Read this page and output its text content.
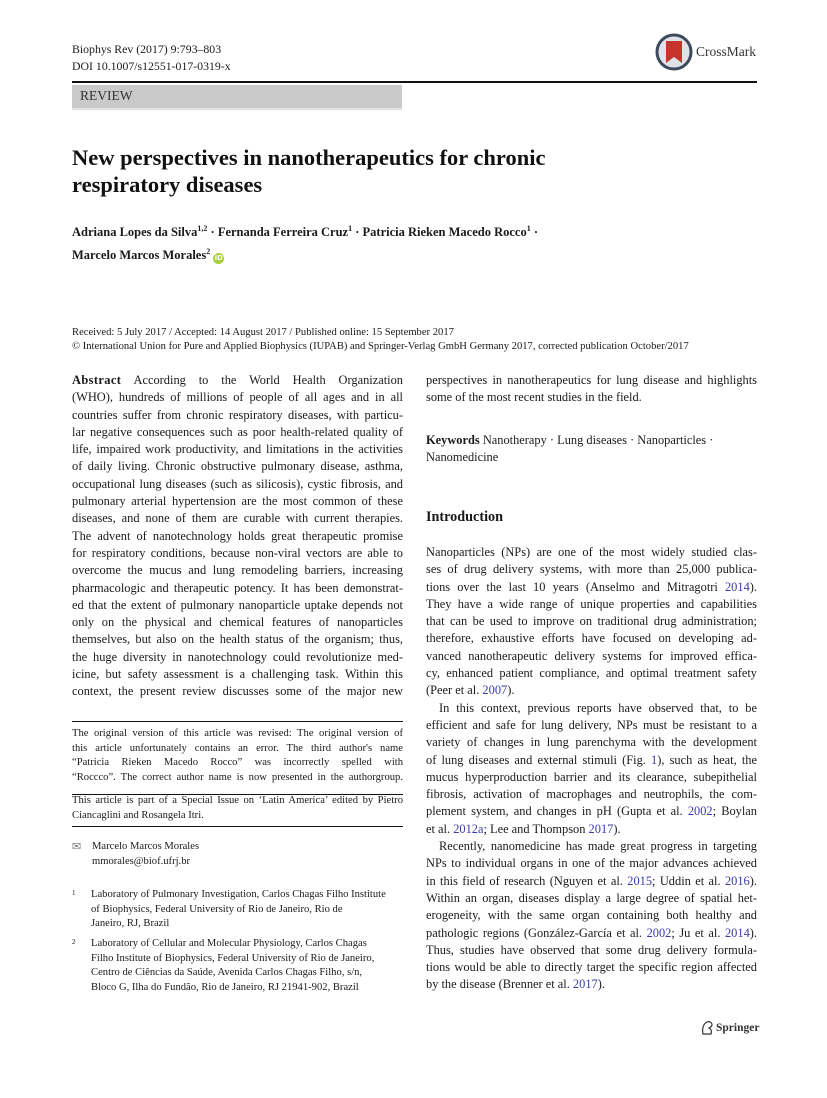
Biophys Rev (2017) 9:793–803
DOI 10.1007/s12551-017-0319-x
CrossMark
REVIEW
New perspectives in nanotherapeutics for chronic
respiratory diseases
Adriana Lopes da Silva$^{1,2}$ · Fernanda Ferreira Cruz$^1$ · Patricia Rieken Macedo Rocco$^1$ ·
Marcelo Marcos Morales$^2$ iD
Received: 5 July 2017 / Accepted: 14 August 2017 / Published online: 15 September 2017
© International Union for Pure and Applied Biophysics (IUPAB) and Springer-Verlag GmbH Germany 2017, corrected publication October/2017
Abstract According to the World Health Organization
(WHO), hundreds of millions of people of all ages and in all
countries suffer from chronic respiratory diseases, with particu-
lar negative consequences such as poor health-related quality of
life, impaired work productivity, and limitations in the activities
of daily living. Chronic obstructive pulmonary disease, asthma,
occupational lung diseases (such as silicosis), cystic fibrosis, and
pulmonary arterial hypertension are the most common of these
diseases, and none of them are curable with current therapies.
The advent of nanotechnology holds great therapeutic promise
for respiratory conditions, because non-viral vectors are able to
overcome the mucus and lung remodeling barriers, increasing
pharmacologic and therapeutic potency. It has been demonstrat-
ed that the extent of pulmonary nanoparticle uptake depends not
only on the physical and chemical features of nanoparticles
themselves, but also on the health status of the organism; thus,
the huge diversity in nanotechnology could revolutionize med-
icine, but safety assessment is a challenging task. Within this
context, the present review discusses some of the major new
perspectives in nanotherapeutics for lung disease and highlights
some of the most recent studies in the field.
Keywords Nanotherapy · Lung diseases · Nanoparticles ·
Nanomedicine
Introduction
Nanoparticles (NPs) are one of the most widely studied clas-
ses of drug delivery systems, with more than 25,000 publica-
tions over the last 10 years (Anselmo and Mitragotri 2014).
They have a wide range of unique properties and capabilities
that can be used to improve on traditional drug administration;
therefore, exhaustive efforts have focused on developing ad-
vanced nanotherapeutic delivery systems for improved effica-
cy, enhanced patient compliance, and optimal treatment safety
(Peer et al. 2007).
In this context, previous reports have observed that, to be
efficient and safe for lung delivery, NPs must be resistant to a
variety of changes in lung parenchyma with the development
of lung diseases and external stimuli (Fig. 1), such as heat, the
mucus hyperproduction barrier and its clearance, subepithelial
fibrosis, activation of macrophages and neutrophils, the com-
plement system, and changes in pH (Gupta et al. 2002; Boylan
et al. 2012a; Lee and Thompson 2017).
Recently, nanomedicine has made great progress in targeting
NPs to individual organs in one of the major advances achieved
in this field of research (Nguyen et al. 2015; Uddin et al. 2016).
Within an organ, diseases display a large degree of spatial het-
erogeneity, with the same organ containing both healthy and
pathologic regions (González-García et al. 2002; Ju et al. 2014).
Thus, studies have observed that some drug delivery formula-
tions would be able to directly target the specific region affected
by the disease (Brenner et al. 2017).
The original version of this article was revised: The original version of
this article unfortunately contains an error. The third author's name
“Patricia Rieken Macedo Rocco” was incorrectly spelled with
“Roccco”. The correct author name is now presented in the authorgroup.
This article is part of a Special Issue on ‘Latin America’ edited by Pietro
Ciancaglini and Rosangela Itri.
✉ Marcelo Marcos Morales
mmorales@biof.ufrj.br
1 Laboratory of Pulmonary Investigation, Carlos Chagas Filho Institute
of Biophysics, Federal University of Rio de Janeiro, Rio de
Janeiro, RJ, Brazil
2 Laboratory of Cellular and Molecular Physiology, Carlos Chagas
Filho Institute of Biophysics, Federal University of Rio de Janeiro,
Centro de Ciências da Saúde, Avenida Carlos Chagas Filho, s/n,
Bloco G, Ilha do Fundão, Rio de Janeiro, RJ 21941-902, Brazil
Springer
